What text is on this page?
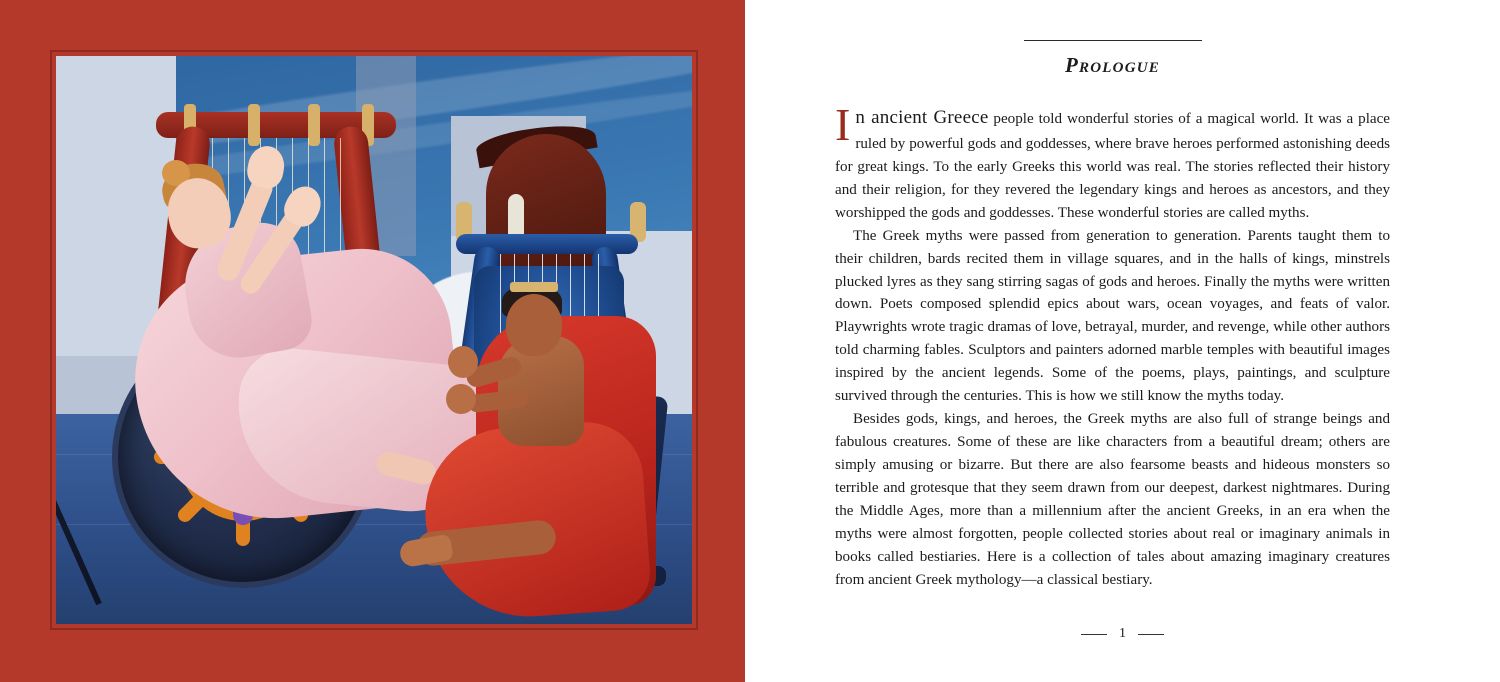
Prologue

In ancient Greece people told wonderful stories of a magical world. It was a place ruled by powerful gods and goddesses, where brave heroes performed astonishing deeds for great kings. To the early Greeks this world was real. The stories reflected their history and their religion, for they revered the legendary kings and heroes as ancestors, and they worshipped the gods and goddesses. These wonderful stories are called myths.

The Greek myths were passed from generation to generation. Parents taught them to their children, bards recited them in village squares, and in the halls of kings, minstrels plucked lyres as they sang stirring sagas of gods and heroes. Finally the myths were written down. Poets composed splendid epics about wars, ocean voyages, and feats of valor. Playwrights wrote tragic dramas of love, betrayal, murder, and revenge, while other authors told charming fables. Sculptors and painters adorned marble temples with beautiful images inspired by the ancient legends. Some of the poems, plays, paintings, and sculpture survived through the centuries. This is how we still know the myths today.

Besides gods, kings, and heroes, the Greek myths are also full of strange beings and fabulous creatures. Some of these are like characters from a beautiful dream; others are simply amusing or bizarre. But there are also fearsome beasts and hideous monsters so terrible and grotesque that they seem drawn from our deepest, darkest nightmares. During the Middle Ages, more than a millennium after the ancient Greeks, in an era when the myths were almost forgotten, people collected stories about real or imaginary animals in books called bestiaries. Here is a collection of tales about amazing imaginary creatures from ancient Greek mythology—a classical bestiary.

1
